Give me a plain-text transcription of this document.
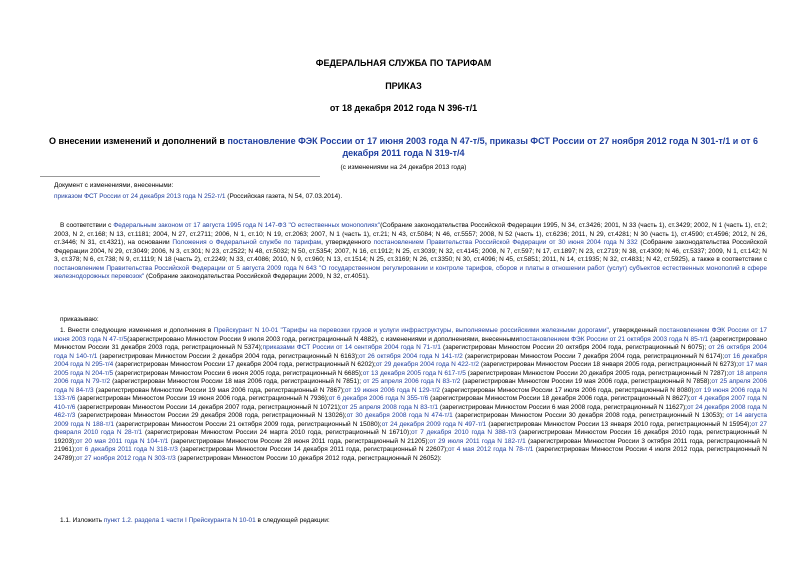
ФЕДЕРАЛЬНАЯ СЛУЖБА ПО ТАРИФАМ
ПРИКАЗ
от 18 декабря 2012 года N 396-т/1
О внесении изменений и дополнений в постановление ФЭК России от 17 июня 2003 года N 47-т/5, приказы ФСТ России от 27 ноября 2012 года N 301-т/1 и от 6 декабря 2011 года N 319-т/4
(с изменениями на 24 декабря 2013 года)
Документ с изменениями, внесенными:
приказом ФСТ России от 24 декабря 2013 года N 252-т/1 (Российская газета, N 54, 07.03.2014).
В соответствии с Федеральным законом от 17 августа 1995 года N 147-ФЗ "О естественных монополиях"(Собрание законодательства Российской Федерации 1995, N 34, ст.3426; 2001, N 33 (часть 1), ст.3429; 2002, N 1 (часть 1), ст.2; 2003, N 2, ст.168; N 13, ст.1181; 2004, N 27, ст.2711; 2006, N 1, ст.10; N 19, ст.2063; 2007, N 1 (часть 1), ст.21; N 43, ст.5084; N 46, ст.5557; 2008, N 52 (часть 1), ст.6236; 2011, N 29, ст.4281; N 30 (часть 1), ст.4590; ст.4596; 2012, N 26, ст.3446; N 31, ст.4321), на основании Положения о Федеральной службе по тарифам, утвержденного постановлением Правительства Российской Федерации от 30 июня 2004 года N 332 (Собрание законодательства Российской Федерации 2004, N 29, ст.3049; 2006, N 3, ст.301; N 23, ст.2522; N 48, ст.5032; N 50, ст.5354; 2007, N 16, ст.1912; N 25, ст.3039; N 32, ст.4145; 2008, N 7, ст.597; N 17, ст.1897; N 23, ст.2719; N 38, ст.4309; N 46, ст.5337; 2009, N 1, ст.142; N 3, ст.378; N 6, ст.738; N 9, ст.1119; N 18 (часть 2), ст.2249; N 33, ст.4086; 2010, N 9, ст.960; N 13, ст.1514; N 25, ст.3169; N 26, ст.3350; N 30, ст.4096; N 45, ст.5851; 2011, N 14, ст.1935; N 32, ст.4831; N 42, ст.5925), а также в соответствии с постановлением Правительства Российской Федерации от 5 августа 2009 года N 643 "О государственном регулировании и контроле тарифов, сборов и платы в отношении работ (услуг) субъектов естественных монополий в сфере железнодорожных перевозок" (Собрание законодательства Российской Федерации 2009, N 32, ст.4051).
приказываю:
1. Внести следующие изменения и дополнения в Прейскурант N 10-01 "Тарифы на перевозки грузов и услуги инфраструктуры, выполняемые российскими железными дорогами", утвержденный постановлением ФЭК России от 17 июня 2003 года N 47-т/5(зарегистрировано Минюстом России 9 июля 2003 года, регистрационный N 4882), с изменениями и дополнениями, внесеннымипостановлением ФЭК России от 21 октября 2003 года N 85-т/1 (зарегистрировано Минюстом России 31 декабря 2003 года, регистрационный N 5374);приказами ФСТ России от 14 сентября 2004 года N 71-т/1 (зарегистрирован Минюстом России 20 октября 2004 года, регистрационный N 6075); от 26 октября 2004 года N 140-т/1 (зарегистрирован Минюстом России 2 декабря 2004 года, регистрационный N 6163);от 26 октября 2004 года N 141-т/2 (зарегистрирован Минюстом России 7 декабря 2004 года, регистрационный N 6174);от 16 декабря 2004 года N 295-т/4 (зарегистрирован Минюстом России 17 декабря 2004 года, регистрационный N 6202);от 29 декабря 2004 года N 422-т/2 (зарегистрирован Минюстом России 18 января 2005 года, регистрационный N 6273);от 17 мая 2005 года N 204-т/5 (зарегистрирован Минюстом России 6 июня 2005 года, регистрационный N 6685);от 13 декабря 2005 года N 617-т/5 (зарегистрирован Минюстом России 20 декабря 2005 года, регистрационный N 7287);от 18 апреля 2006 года N 79-т/2 (зарегистрирован Минюстом России 18 мая 2006 года, регистрационный N 7851); от 25 апреля 2006 года N 83-т/2 (зарегистрирован Минюстом России 19 мая 2006 года, регистрационный N 7858);от 25 апреля 2006 года N 84-т/3 (зарегистрирован Минюстом России 19 мая 2006 года, регистрационный N 7867);от 19 июня 2006 года N 129-т/2 (зарегистрирован Минюстом России 17 июля 2006 года, регистрационный N 8080);от 19 июня 2006 года N 133-т/6 (зарегистрирован Минюстом России 19 июня 2006 года, регистрационный N 7936);от 6 декабря 2006 года N 355-т/6 (зарегистрирован Минюстом России 18 декабря 2006 года, регистрационный N 8627);от 4 декабря 2007 года N 410-т/6 (зарегистрирован Минюстом России 14 декабря 2007 года, регистрационный N 10721);от 25 апреля 2008 года N 83-т/1 (зарегистрирован Минюстом России 6 мая 2008 года, регистрационный N 11627);от 24 декабря 2008 года N 462-т/3 (зарегистрирован Минюстом России 29 декабря 2008 года, регистрационный N 13026);от 30 декабря 2008 года N 474-т/1 (зарегистрирован Минюстом России 30 декабря 2008 года, регистрационный N 13053); от 14 августа 2009 года N 188-т/1 (зарегистрирован Минюстом России 21 октября 2009 года, регистрационный N 15080);от 24 декабря 2009 года N 497-т/1 (зарегистрирован Минюстом России 13 января 2010 года, регистрационный N 15954);от 27 февраля 2010 года N 28-т/1 (зарегистрирован Минюстом России 24 марта 2010 года, регистрационный N 16710);от 7 декабря 2010 года N 388-т/3 (зарегистрирован Минюстом России 16 декабря 2010 года, регистрационный N 19203);от 20 мая 2011 года N 104-т/1 (зарегистрирован Минюстом России 28 июня 2011 года, регистрационный N 21205);от 29 июля 2011 года N 182-т/1 (зарегистрирован Минюстом России 3 октября 2011 года, регистрационный N 21961);от 6 декабря 2011 года N 318-т/3 (зарегистрирован Минюстом России 14 декабря 2011 года, регистрационный N 22607);от 4 мая 2012 года N 78-т/1 (зарегистрирован Минюстом России 4 июля 2012 года, регистрационный N 24789);от 27 ноября 2012 года N 303-т/3 (зарегистрирован Минюстом России 10 декабря 2012 года, регистрационный N 26052):
1.1. Изложить пункт 1.2. раздела 1 части I Прейскуранта N 10-01 в следующей редакции:
